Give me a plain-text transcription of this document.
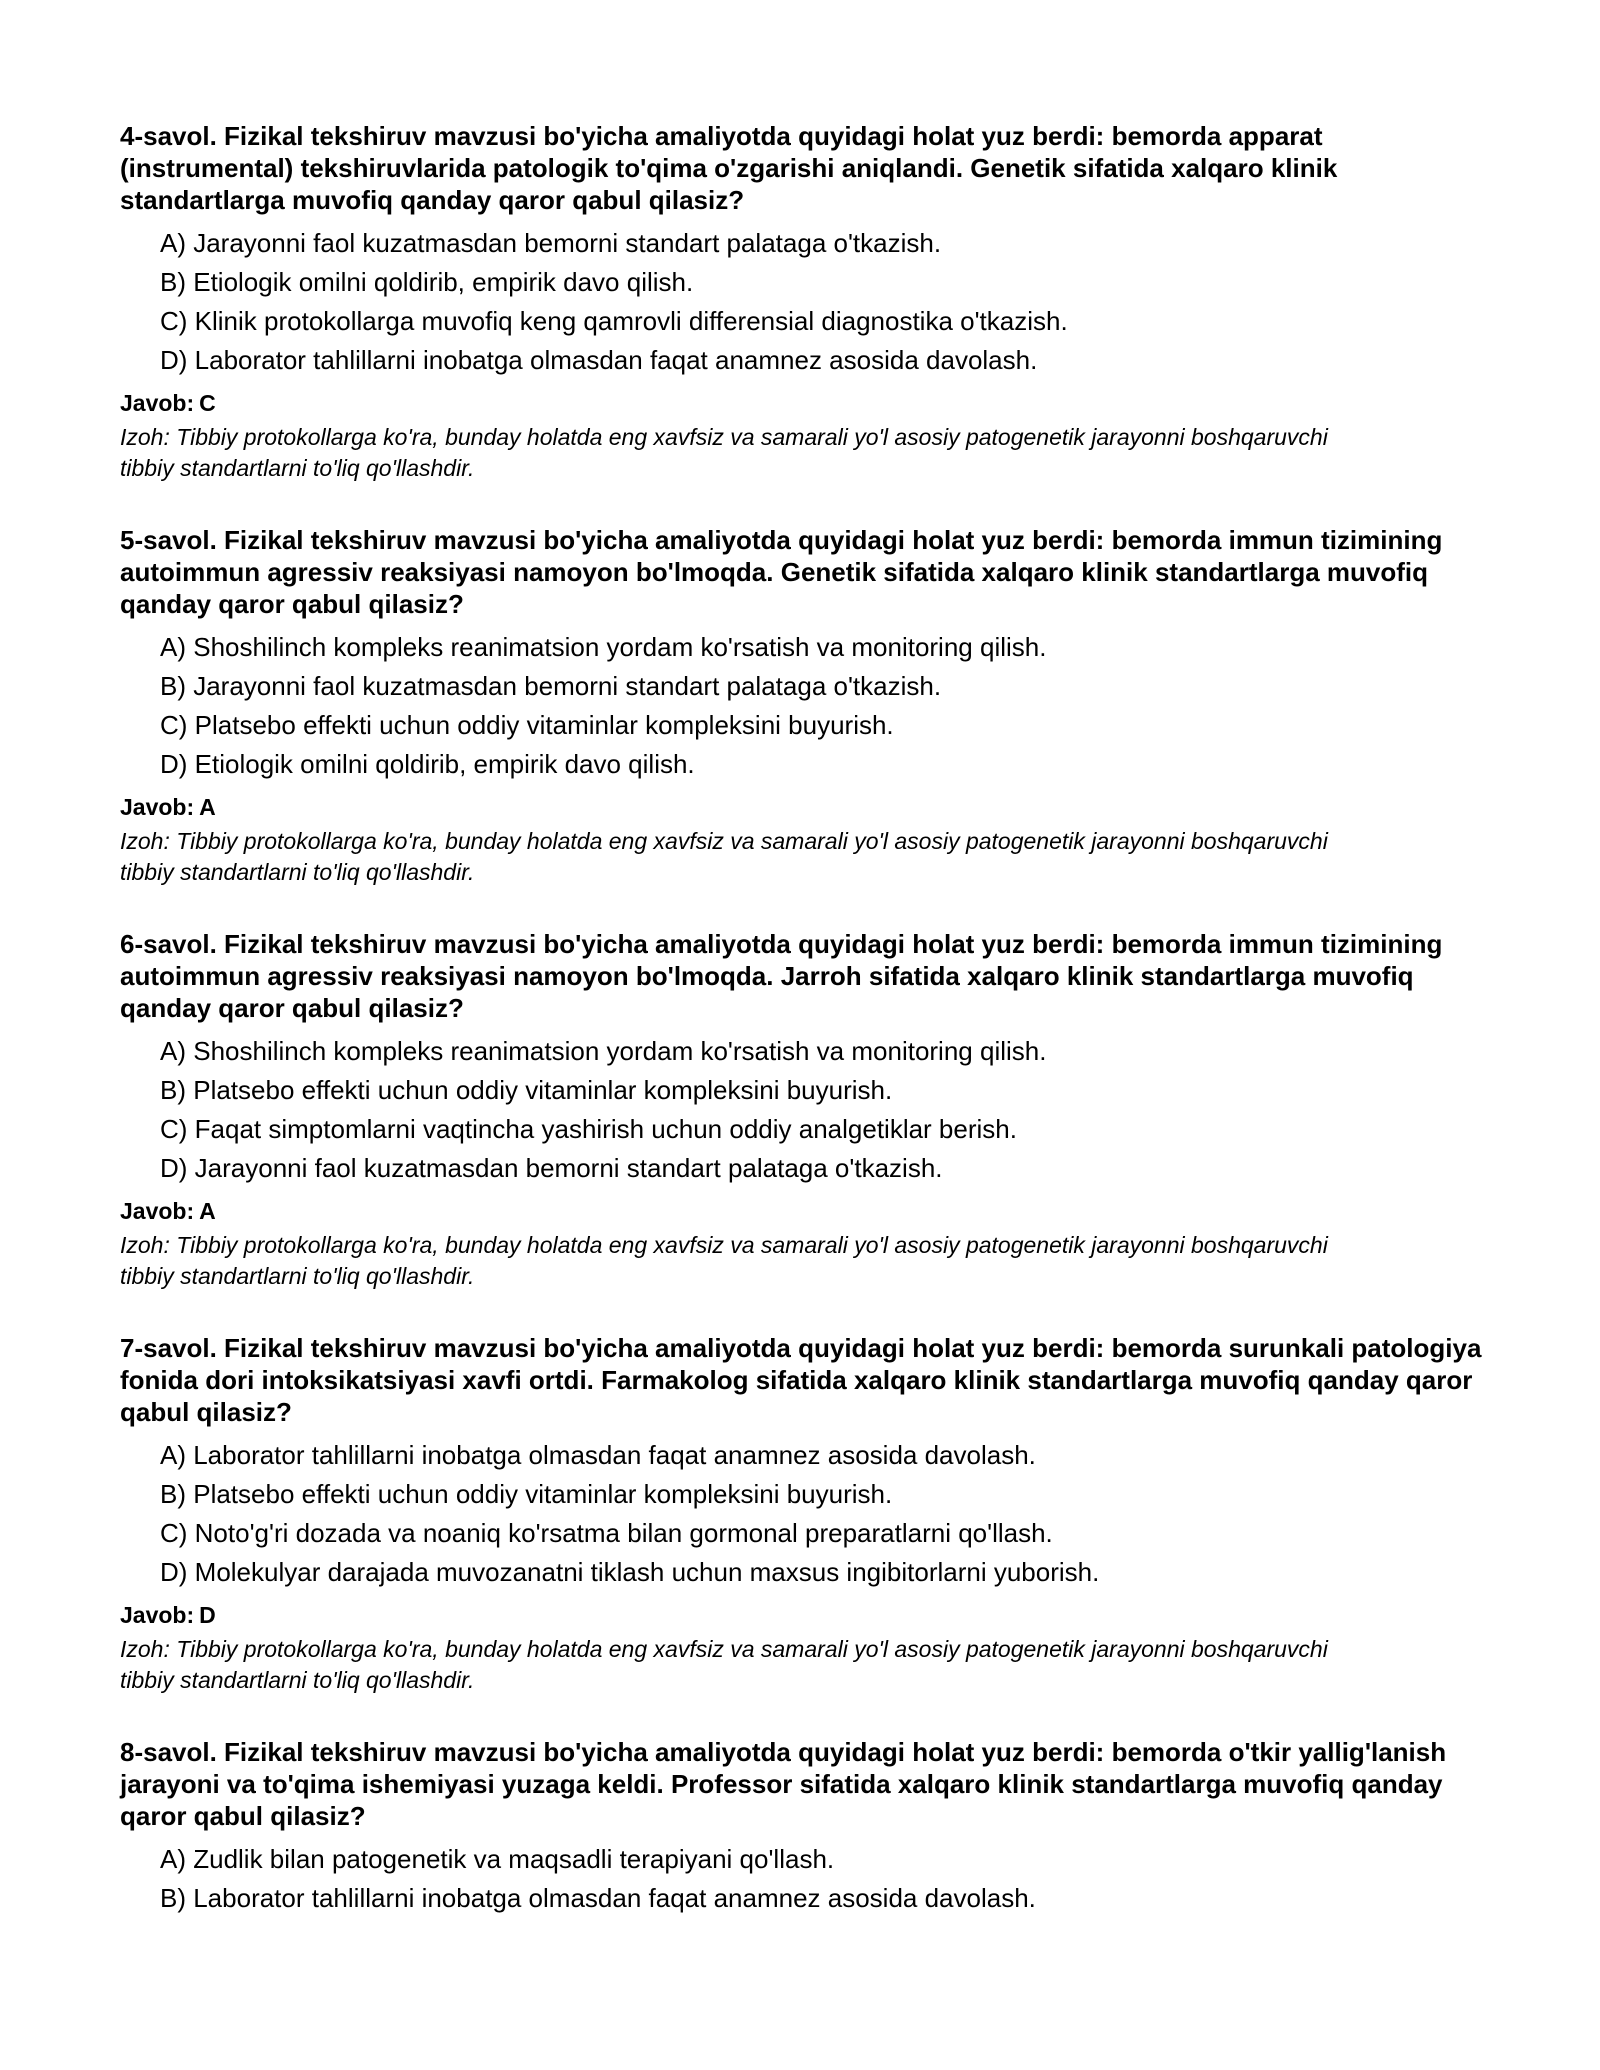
4-savol. Fizikal tekshiruv mavzusi bo'yicha amaliyotda quyidagi holat yuz berdi: bemorda apparat (instrumental) tekshiruvlarida patologik to'qima o'zgarishi aniqlandi. Genetik sifatida xalqaro klinik standartlarga muvofiq qanday qaror qabul qilasiz?
A) Jarayonni faol kuzatmasdan bemorni standart palataga o'tkazish.
B) Etiologik omilni qoldirib, empirik davo qilish.
C) Klinik protokollarga muvofiq keng qamrovli differensial diagnostika o'tkazish.
D) Laborator tahlillarni inobatga olmasdan faqat anamnez asosida davolash.
Javob: C
Izoh: Tibbiy protokollarga ko'ra, bunday holatda eng xavfsiz va samarali yo'l asosiy patogenetik jarayonni boshqaruvchi tibbiy standartlarni to'liq qo'llashdir.
5-savol. Fizikal tekshiruv mavzusi bo'yicha amaliyotda quyidagi holat yuz berdi: bemorda immun tizimining autoimmun agressiv reaksiyasi namoyon bo'lmoqda. Genetik sifatida xalqaro klinik standartlarga muvofiq qanday qaror qabul qilasiz?
A) Shoshilinch kompleks reanimatsion yordam ko'rsatish va monitoring qilish.
B) Jarayonni faol kuzatmasdan bemorni standart palataga o'tkazish.
C) Platsebo effekti uchun oddiy vitaminlar kompleksini buyurish.
D) Etiologik omilni qoldirib, empirik davo qilish.
Javob: A
Izoh: Tibbiy protokollarga ko'ra, bunday holatda eng xavfsiz va samarali yo'l asosiy patogenetik jarayonni boshqaruvchi tibbiy standartlarni to'liq qo'llashdir.
6-savol. Fizikal tekshiruv mavzusi bo'yicha amaliyotda quyidagi holat yuz berdi: bemorda immun tizimining autoimmun agressiv reaksiyasi namoyon bo'lmoqda. Jarroh sifatida xalqaro klinik standartlarga muvofiq qanday qaror qabul qilasiz?
A) Shoshilinch kompleks reanimatsion yordam ko'rsatish va monitoring qilish.
B) Platsebo effekti uchun oddiy vitaminlar kompleksini buyurish.
C) Faqat simptomlarni vaqtincha yashirish uchun oddiy analgetiklar berish.
D) Jarayonni faol kuzatmasdan bemorni standart palataga o'tkazish.
Javob: A
Izoh: Tibbiy protokollarga ko'ra, bunday holatda eng xavfsiz va samarali yo'l asosiy patogenetik jarayonni boshqaruvchi tibbiy standartlarni to'liq qo'llashdir.
7-savol. Fizikal tekshiruv mavzusi bo'yicha amaliyotda quyidagi holat yuz berdi: bemorda surunkali patologiya fonida dori intoksikatsiyasi xavfi ortdi. Farmakolog sifatida xalqaro klinik standartlarga muvofiq qanday qaror qabul qilasiz?
A) Laborator tahlillarni inobatga olmasdan faqat anamnez asosida davolash.
B) Platsebo effekti uchun oddiy vitaminlar kompleksini buyurish.
C) Noto'g'ri dozada va noaniq ko'rsatma bilan gormonal preparatlarni qo'llash.
D) Molekulyar darajada muvozanatni tiklash uchun maxsus ingibitorlarni yuborish.
Javob: D
Izoh: Tibbiy protokollarga ko'ra, bunday holatda eng xavfsiz va samarali yo'l asosiy patogenetik jarayonni boshqaruvchi tibbiy standartlarni to'liq qo'llashdir.
8-savol. Fizikal tekshiruv mavzusi bo'yicha amaliyotda quyidagi holat yuz berdi: bemorda o'tkir yallig'lanish jarayoni va to'qima ishemiyasi yuzaga keldi. Professor sifatida xalqaro klinik standartlarga muvofiq qanday qaror qabul qilasiz?
A) Zudlik bilan patogenetik va maqsadli terapiyani qo'llash.
B) Laborator tahlillarni inobatga olmasdan faqat anamnez asosida davolash.
